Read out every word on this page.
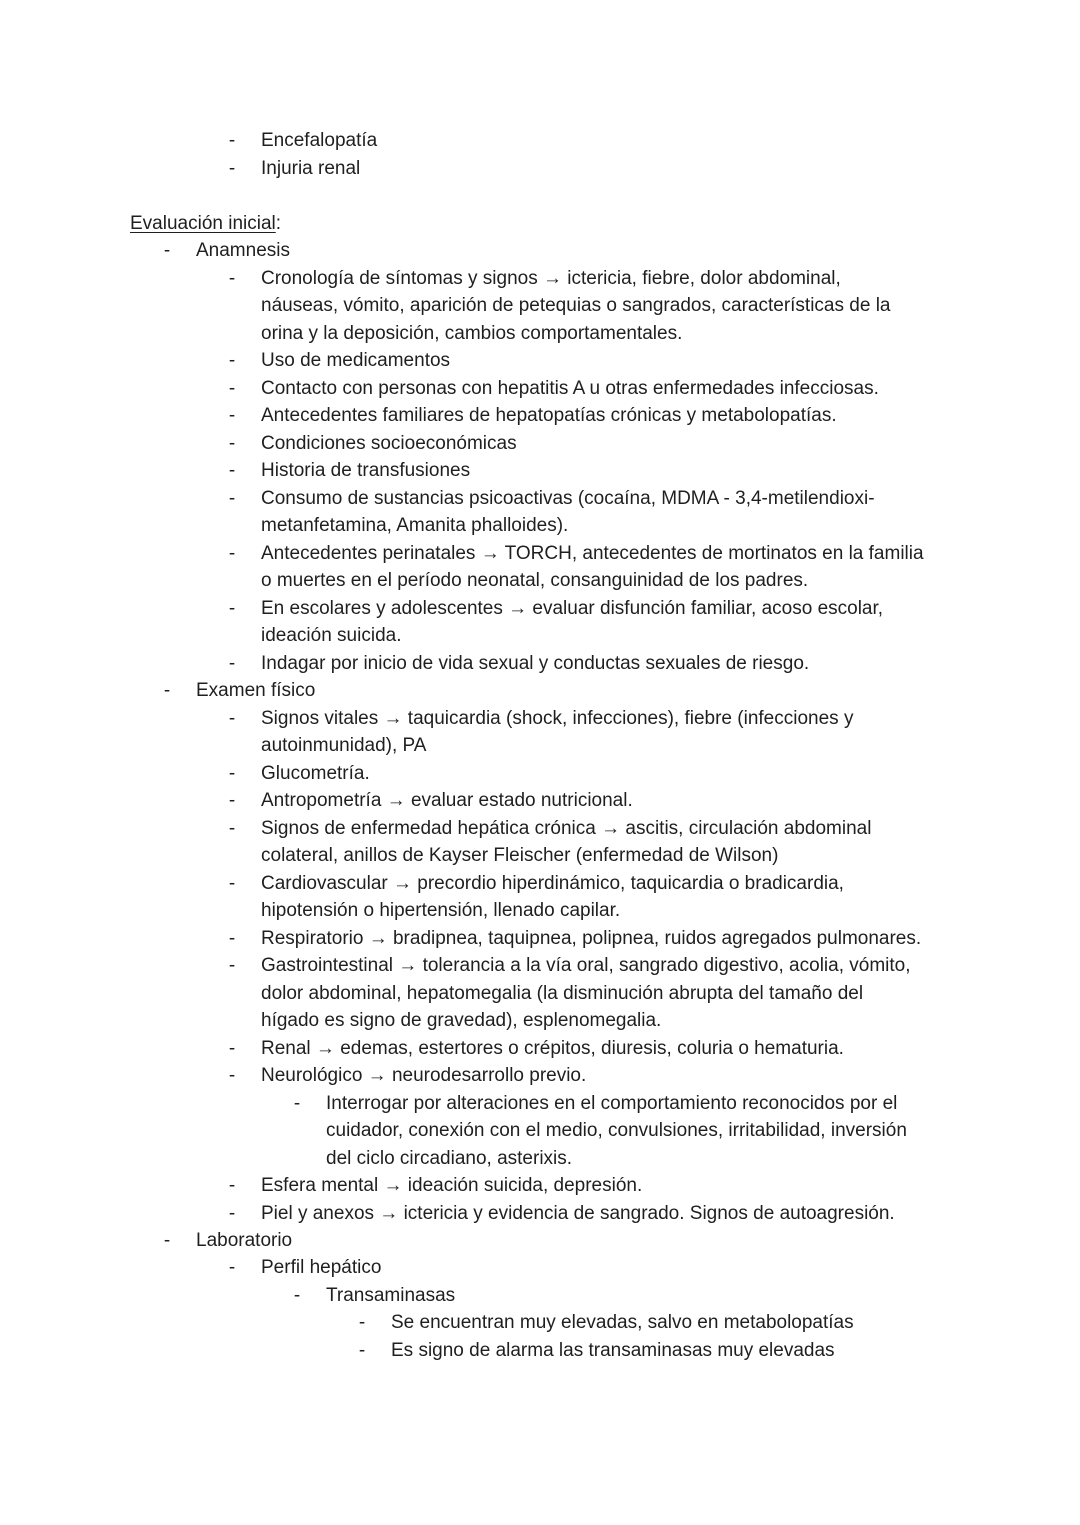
- Encefalopatía
- Injuria renal
Evaluación inicial:
- Anamnesis
- Cronología de síntomas y signos → ictericia, fiebre, dolor abdominal,
náuseas, vómito, aparición de petequias o sangrados, características de la
orina y la deposición, cambios comportamentales.
- Uso de medicamentos
- Contacto con personas con hepatitis A u otras enfermedades infecciosas.
- Antecedentes familiares de hepatopatías crónicas y metabolopatías.
- Condiciones socioeconómicas
- Historia de transfusiones
- Consumo de sustancias psicoactivas (cocaína, MDMA - 3,4-metilendioxi-
metanfetamina, Amanita phalloides).
- Antecedentes perinatales → TORCH, antecedentes de mortinatos en la familia
o muertes en el período neonatal, consanguinidad de los padres.
- En escolares y adolescentes → evaluar disfunción familiar, acoso escolar,
ideación suicida.
- Indagar por inicio de vida sexual y conductas sexuales de riesgo.
- Examen físico
- Signos vitales → taquicardia (shock, infecciones), fiebre (infecciones y
autoinmunidad), PA
- Glucometría.
- Antropometría → evaluar estado nutricional.
- Signos de enfermedad hepática crónica → ascitis, circulación abdominal
colateral, anillos de Kayser Fleischer (enfermedad de Wilson)
- Cardiovascular → precordio hiperdinámico, taquicardia o bradicardia,
hipotensión o hipertensión, llenado capilar.
- Respiratorio → bradipnea, taquipnea, polipnea, ruidos agregados pulmonares.
- Gastrointestinal → tolerancia a la vía oral, sangrado digestivo, acolia, vómito,
dolor abdominal, hepatomegalia (la disminución abrupta del tamaño del
hígado es signo de gravedad), esplenomegalia.
- Renal → edemas, estertores o crépitos, diuresis, coluria o hematuria.
- Neurológico → neurodesarrollo previo.
- Interrogar por alteraciones en el comportamiento reconocidos por el
cuidador, conexión con el medio, convulsiones, irritabilidad, inversión
del ciclo circadiano, asterixis.
- Esfera mental → ideación suicida, depresión.
- Piel y anexos → ictericia y evidencia de sangrado. Signos de autoagresión.
- Laboratorio
- Perfil hepático
- Transaminasas
- Se encuentran muy elevadas, salvo en metabolopatías
- Es signo de alarma las transaminasas muy elevadas
